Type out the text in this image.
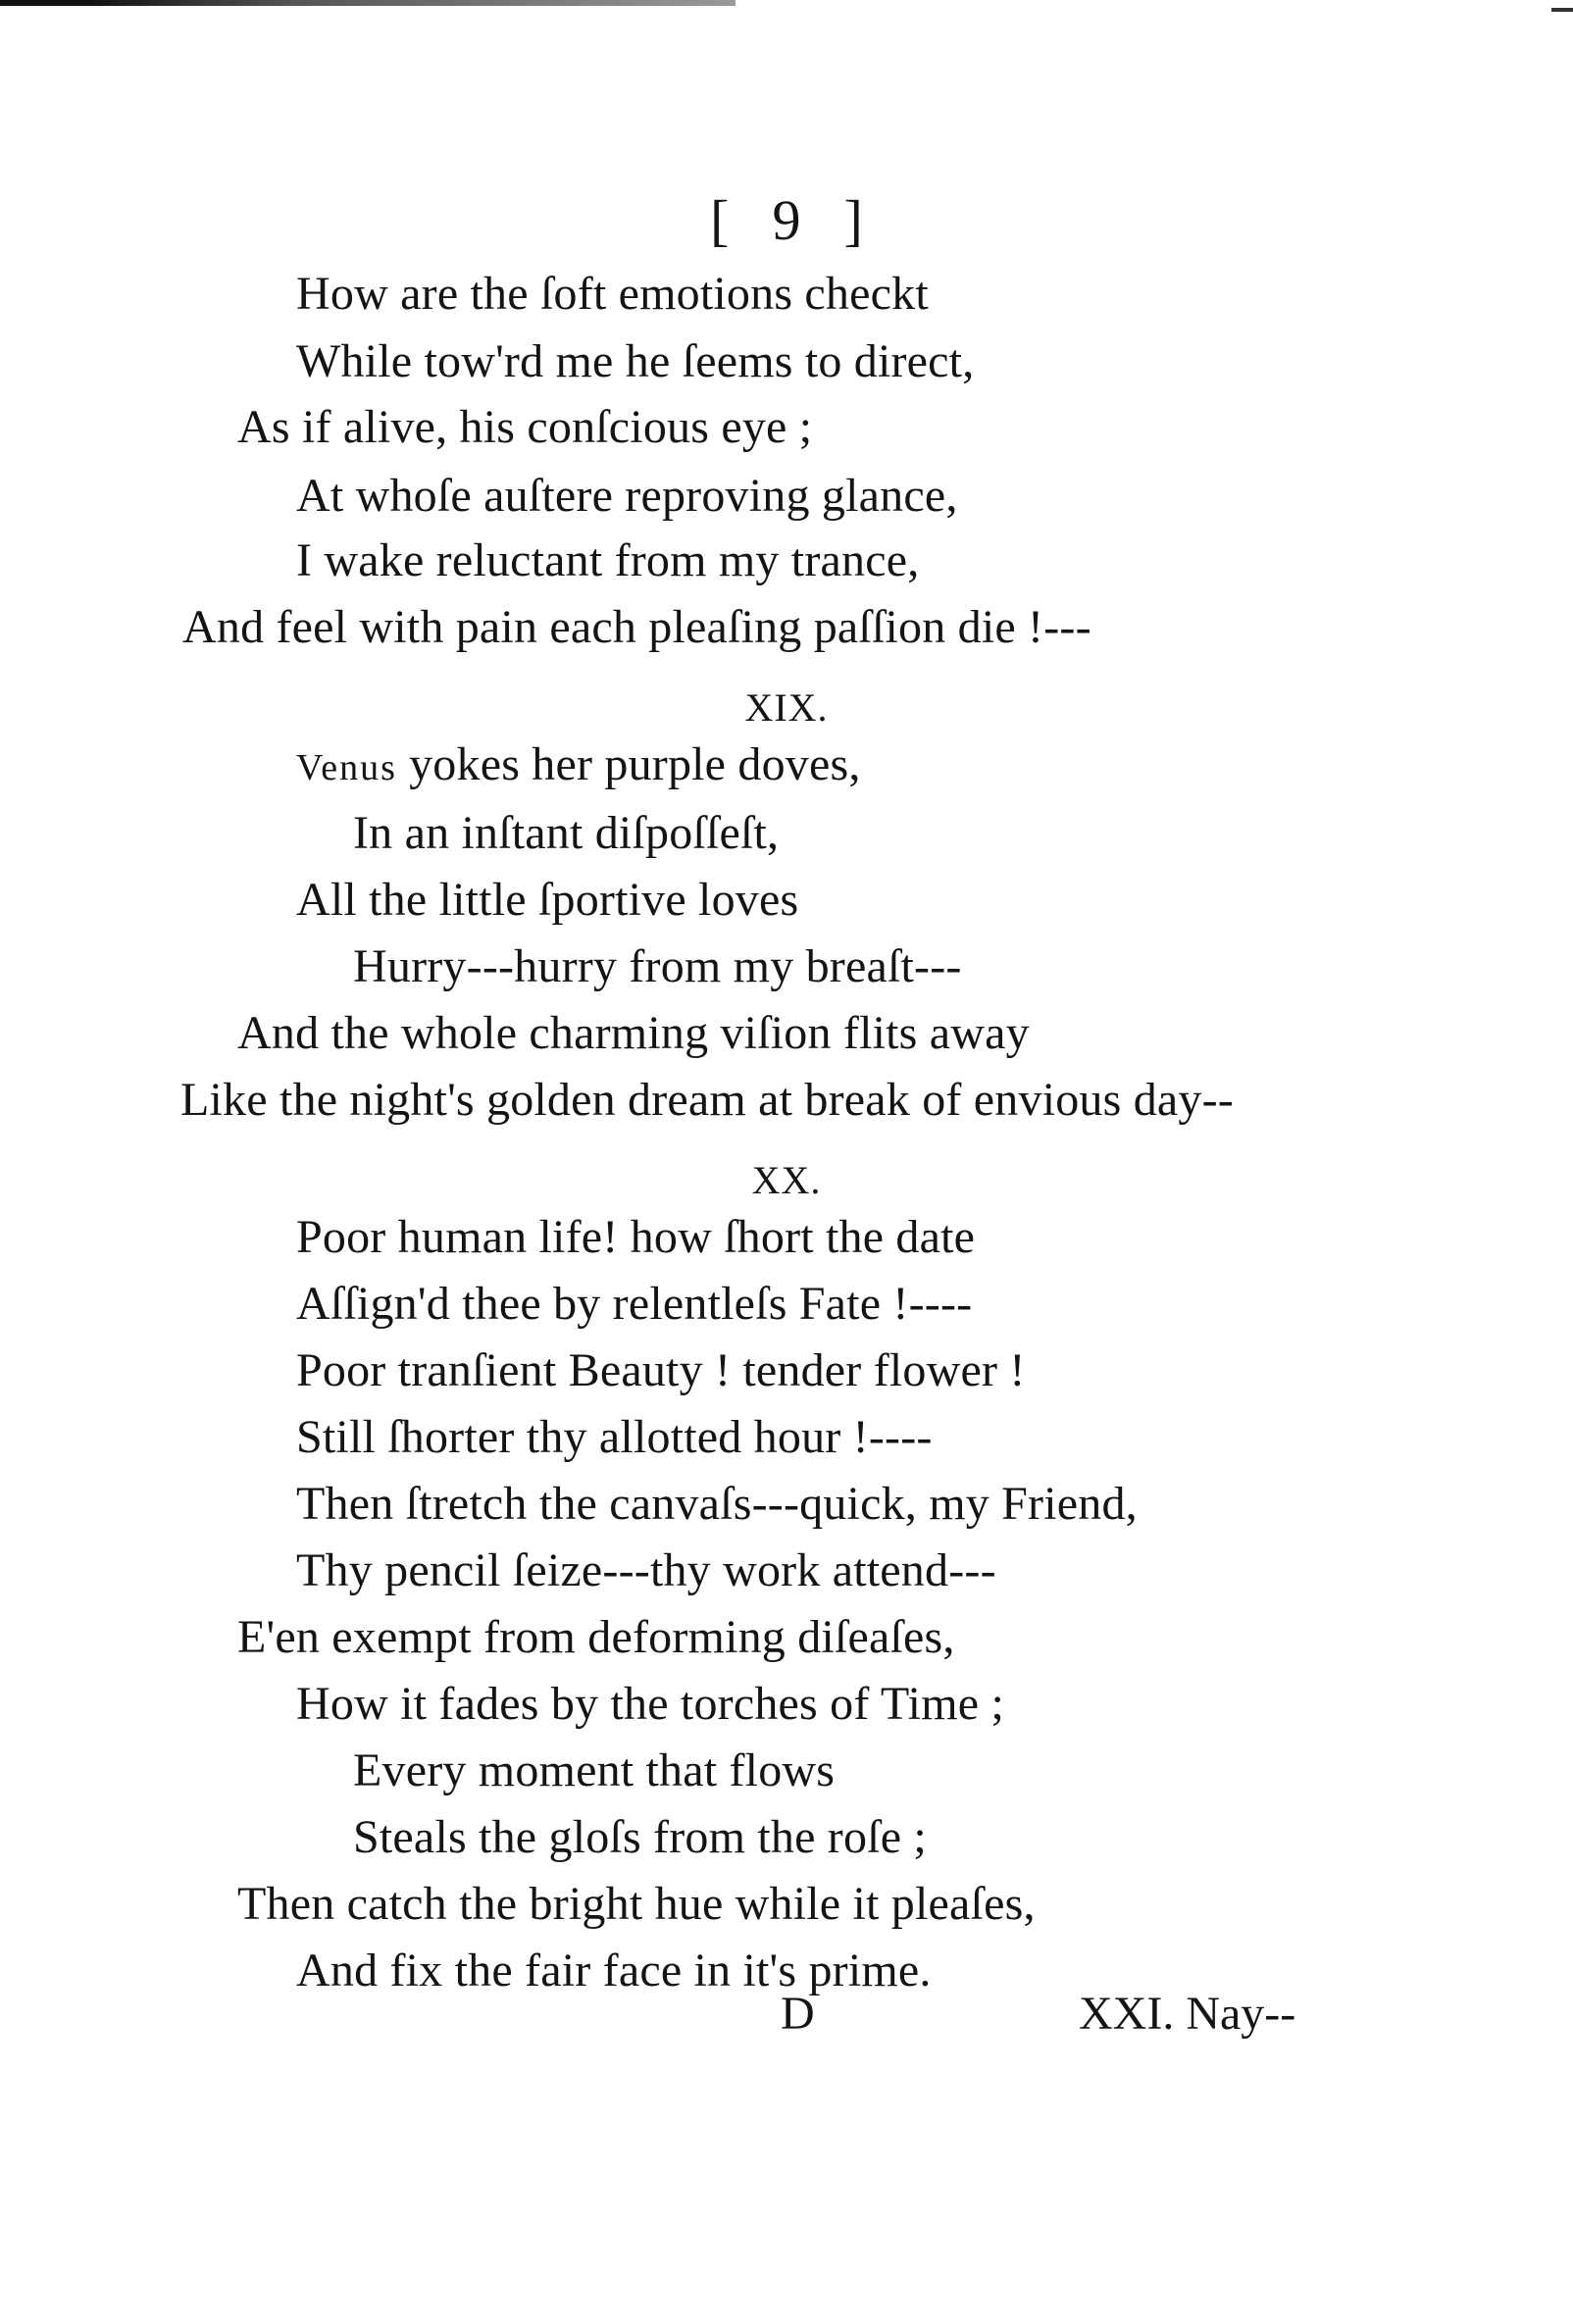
[ 9 ]
How are the ſoft emotions checkt
While tow'rd me he ſeems to direct,
As if alive, his conſcious eye ;
At whoſe auſtere reproving glance,
I wake reluctant from my trance,
And feel with pain each pleaſing paſſion die !---
XIX.
Venus yokes her purple doves,
In an inſtant diſpoſſeſt,
All the little ſportive loves
Hurry---hurry from my breaſt---
And the whole charming viſion flits away
Like the night's golden dream at break of envious day--
XX.
Poor human life! how ſhort the date
Aſſign'd thee by relentleſs Fate !----
Poor tranſient Beauty ! tender flower !
Still ſhorter thy allotted hour !----
Then ſtretch the canvaſs---quick, my Friend,
Thy pencil ſeize---thy work attend---
E'en exempt from deforming diſeaſes,
How it fades by the torches of Time ;
Every moment that flows
Steals the gloſs from the roſe ;
Then catch the bright hue while it pleaſes,
And fix the fair face in it's prime.
D	XXI. Nay--
